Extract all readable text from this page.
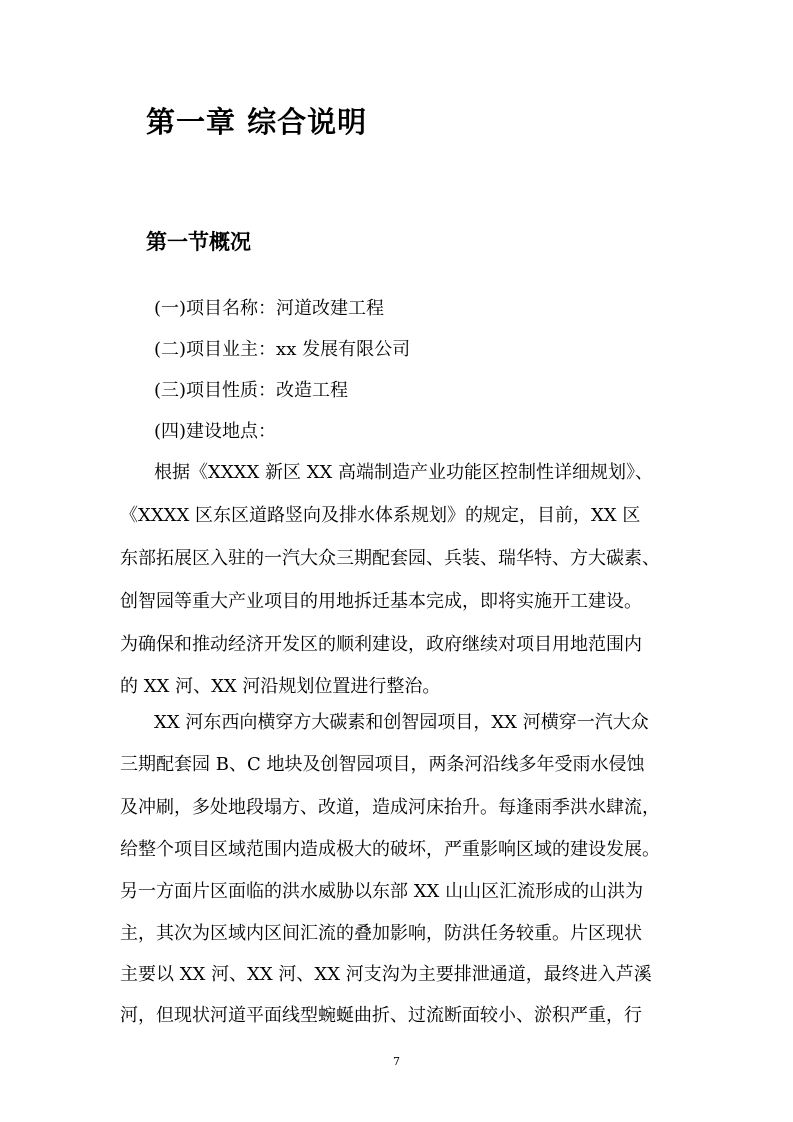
第一章 综合说明
第一节概况
(一)项目名称：河道改建工程
(二)项目业主：xx 发展有限公司
(三)项目性质：改造工程
(四)建设地点：
根据《XXXX 新区 XX 高端制造产业功能区控制性详细规划》、
《XXXX 区东区道路竖向及排水体系规划》的规定，目前，XX 区
东部拓展区入驻的一汽大众三期配套园、兵装、瑞华特、方大碳素、
创智园等重大产业项目的用地拆迁基本完成，即将实施开工建设。
为确保和推动经济开发区的顺利建设，政府继续对项目用地范围内
的 XX 河、XX 河沿规划位置进行整治。
XX 河东西向横穿方大碳素和创智园项目，XX 河横穿一汽大众
三期配套园 B、C 地块及创智园项目，两条河沿线多年受雨水侵蚀
及冲刷，多处地段塌方、改道，造成河床抬升。每逢雨季洪水肆流，
给整个项目区域范围内造成极大的破坏，严重影响区域的建设发展。
另一方面片区面临的洪水威胁以东部 XX 山山区汇流形成的山洪为
主，其次为区域内区间汇流的叠加影响，防洪任务较重。片区现状
主要以 XX 河、XX 河、XX 河支沟为主要排泄通道，最终进入芦溪
河，但现状河道平面线型蜿蜒曲折、过流断面较小、淤积严重，行
7
